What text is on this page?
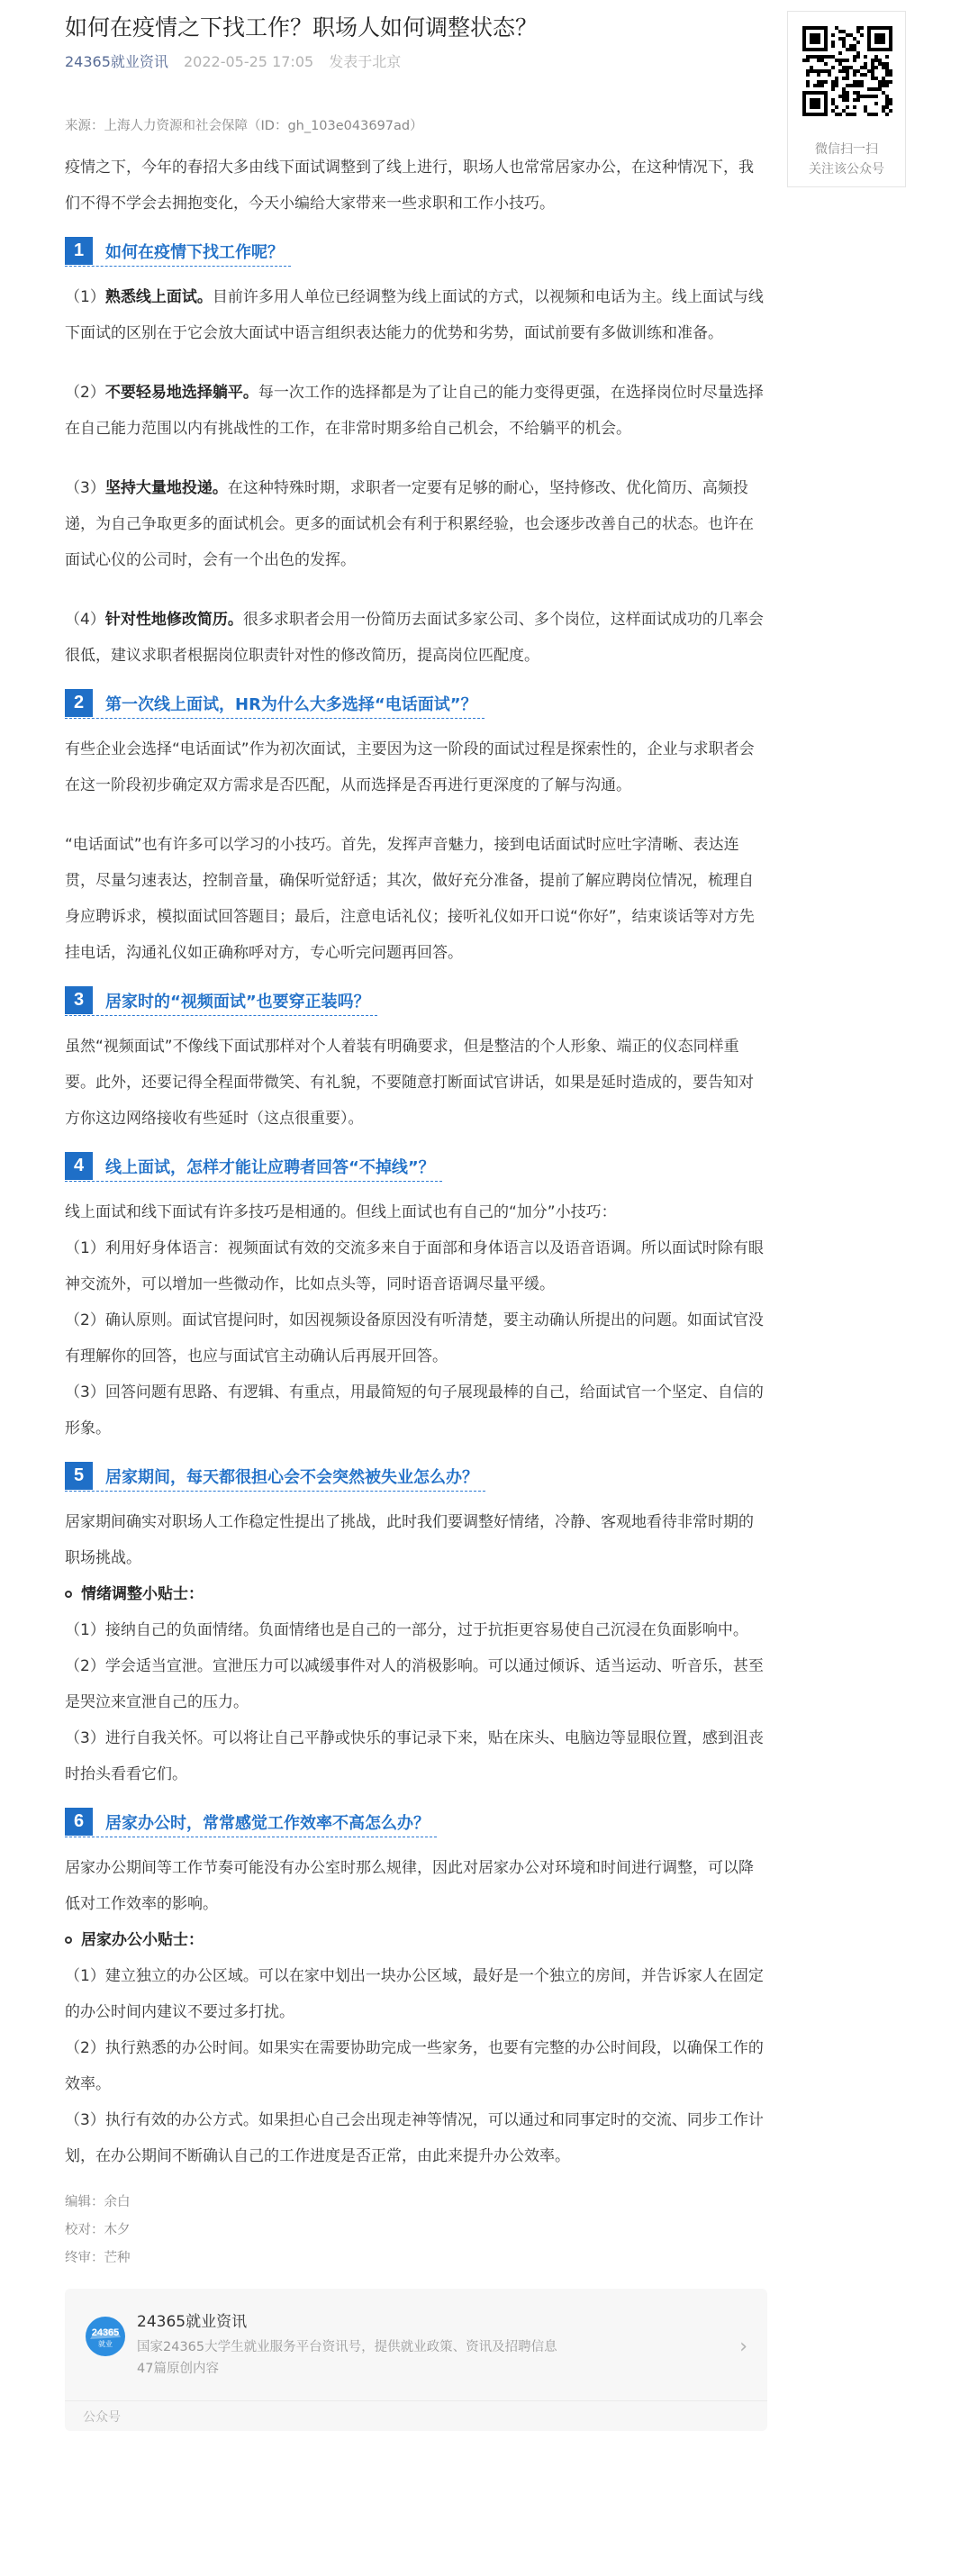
如何在疫情之下找工作？职场人如何调整状态？
24365就业资讯 2022-05-25 17:05 发表于北京
来源：上海人力资源和社会保障（ID：gh_103e043697ad）

疫情之下，今年的春招大多由线下面试调整到了线上进行，职场人也常常居家办公，在这种情况下，我们不得不学会去拥抱变化，今天小编给大家带来一些求职和工作小技巧。

1	如何在疫情下找工作呢？

（1）熟悉线上面试。目前许多用人单位已经调整为线上面试的方式，以视频和电话为主。线上面试与线下面试的区别在于它会放大面试中语言组织表达能力的优势和劣势，面试前要有多做训练和准备。

（2）不要轻易地选择躺平。每一次工作的选择都是为了让自己的能力变得更强，在选择岗位时尽量选择在自己能力范围以内有挑战性的工作，在非常时期多给自己机会，不给躺平的机会。

（3）坚持大量地投递。在这种特殊时期，求职者一定要有足够的耐心，坚持修改、优化简历、高频投递，为自己争取更多的面试机会。更多的面试机会有利于积累经验，也会逐步改善自己的状态。也许在面试心仪的公司时，会有一个出色的发挥。

（4）针对性地修改简历。很多求职者会用一份简历去面试多家公司、多个岗位，这样面试成功的几率会很低，建议求职者根据岗位职责针对性的修改简历，提高岗位匹配度。

2	第一次线上面试，HR为什么大多选择“电话面试”？

有些企业会选择“电话面试”作为初次面试，主要因为这一阶段的面试过程是探索性的，企业与求职者会在这一阶段初步确定双方需求是否匹配，从而选择是否再进行更深度的了解与沟通。

“电话面试”也有许多可以学习的小技巧。首先，发挥声音魅力，接到电话面试时应吐字清晰、表达连贯，尽量匀速表达，控制音量，确保听觉舒适；其次，做好充分准备，提前了解应聘岗位情况，梳理自身应聘诉求，模拟面试回答题目；最后，注意电话礼仪；接听礼仪如开口说“你好”，结束谈话等对方先挂电话，沟通礼仪如正确称呼对方，专心听完问题再回答。

3	居家时的“视频面试”也要穿正装吗？

虽然“视频面试”不像线下面试那样对个人着装有明确要求，但是整洁的个人形象、端正的仪态同样重要。此外，还要记得全程面带微笑、有礼貌，不要随意打断面试官讲话，如果是延时造成的，要告知对方你这边网络接收有些延时（这点很重要）。

4	线上面试，怎样才能让应聘者回答“不掉线”？

线上面试和线下面试有许多技巧是相通的。但线上面试也有自己的“加分”小技巧：

（1）利用好身体语言：视频面试有效的交流多来自于面部和身体语言以及语音语调。所以面试时除有眼神交流外，可以增加一些微动作，比如点头等，同时语音语调尽量平缓。

（2）确认原则。面试官提问时，如因视频设备原因没有听清楚，要主动确认所提出的问题。如面试官没有理解你的回答，也应与面试官主动确认后再展开回答。

（3）回答问题有思路、有逻辑、有重点，用最简短的句子展现最棒的自己，给面试官一个坚定、自信的形象。

5	居家期间，每天都很担心会不会突然被失业怎么办？

居家期间确实对职场人工作稳定性提出了挑战，此时我们要调整好情绪，冷静、客观地看待非常时期的职场挑战。

情绪调整小贴士：

（1）接纳自己的负面情绪。负面情绪也是自己的一部分，过于抗拒更容易使自己沉浸在负面影响中。

（2）学会适当宣泄。宣泄压力可以减缓事件对人的消极影响。可以通过倾诉、适当运动、听音乐，甚至是哭泣来宣泄自己的压力。

（3）进行自我关怀。可以将让自己平静或快乐的事记录下来，贴在床头、电脑边等显眼位置，感到沮丧时抬头看看它们。

6	居家办公时，常常感觉工作效率不高怎么办？

居家办公期间等工作节奏可能没有办公室时那么规律，因此对居家办公对环境和时间进行调整，可以降低对工作效率的影响。

居家办公小贴士：

（1）建立独立的办公区域。可以在家中划出一块办公区域，最好是一个独立的房间，并告诉家人在固定的办公时间内建议不要过多打扰。

（2）执行熟悉的办公时间。如果实在需要协助完成一些家务，也要有完整的办公时间段，以确保工作的效率。

（3）执行有效的办公方式。如果担心自己会出现走神等情况，可以通过和同事定时的交流、同步工作计划，在办公期间不断确认自己的工作进度是否正常，由此来提升办公效率。

编辑：余白
校对：木夕
终审：芒种
24365
就业
24365就业资讯
国家24365大学生就业服务平台资讯号，提供就业政策、资讯及招聘信息
47篇原创内容
›
公众号
微信扫一扫
关注该公众号
